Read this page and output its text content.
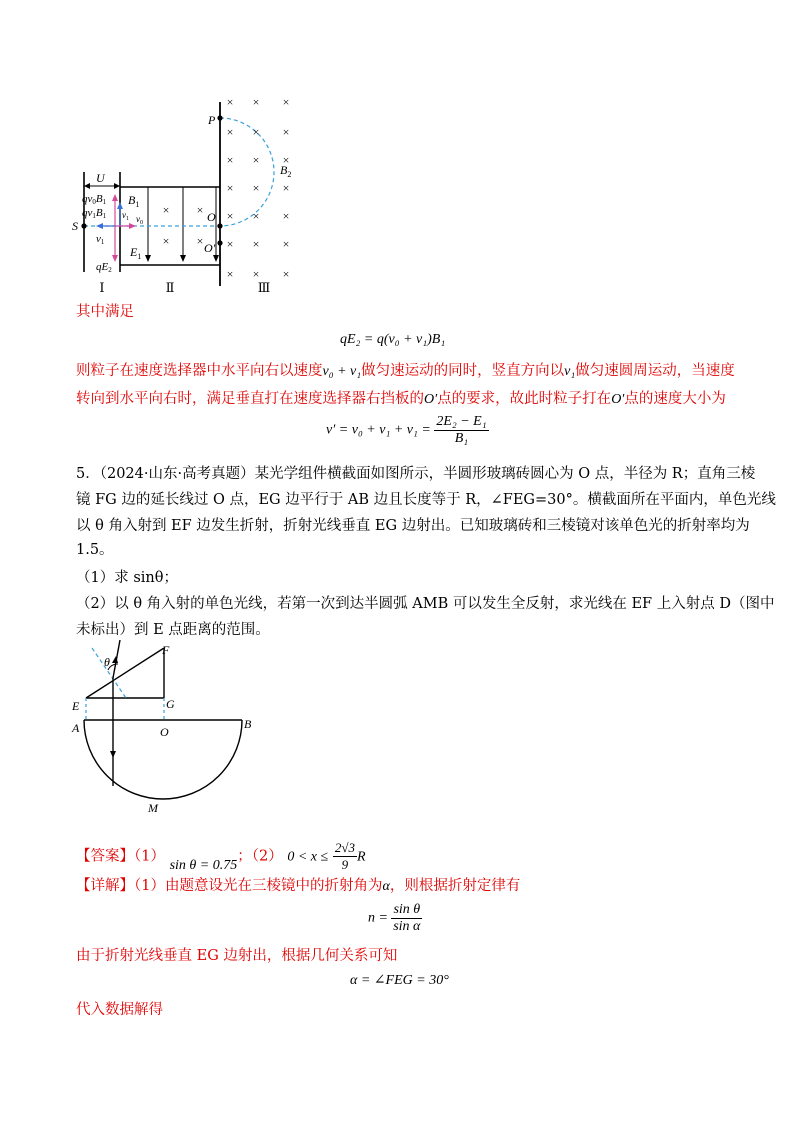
× ×
× ×
× × ×
× × ×
× × ×
× × ×
× × ×
× × ×
× × ×
P
S
O
O'
U
$B_2$
$B_1$
$E_1$
qv0B1
qv1B1
qE2
v1
$v_1$ $v_0$
Ⅰ	Ⅱ	Ⅲ
其中满足
qE₂ = q(v₀ + v₁)B₁
则粒子在速度选择器中水平向右以速度v₀ + v₁做匀速运动的同时，竖直方向以v₁做匀速圆周运动，当速度
转向到水平向右时，满足垂直打在速度选择器右挡板的O′点的要求，故此时粒子打在O′点的速度大小为
$v' = v_0 + v_1 + v_1 = \frac{\text{2E₂ − E₁}}{\text{B₁}}$
5．（2024·山东·高考真题）某光学组件横截面如图所示，半圆形玻璃砖圆心为 O 点，半径为 R；直角三棱
镜 FG 边的延长线过 O 点，EG 边平行于 AB 边且长度等于 R，∠FEG=30°。横截面所在平面内，单色光线
以 θ 角入射到 EF 边发生折射，折射光线垂直 EG 边射出。已知玻璃砖和三棱镜对该单色光的折射率均为
1.5。
（1）求 sinθ；
（2）以 θ 角入射的单色光线，若第一次到达半圆弧 AMB 可以发生全反射，求光线在 EF 上入射点 D（图中
未标出）到 E 点距离的范围。
F
θ
E	G
A	O
B
M
【答案】（1） sin θ = 0.75；（2） $0 < x \le \frac{2√3}{9}$ R
【详解】（1）由题意设光在三棱镜中的折射角为α，则根据折射定律有
$n = \frac{\text{sin θ}}{\text{sin α}}$
由于折射光线垂直 EG 边射出，根据几何关系可知
α = ∠FEG = 30°
代入数据解得
